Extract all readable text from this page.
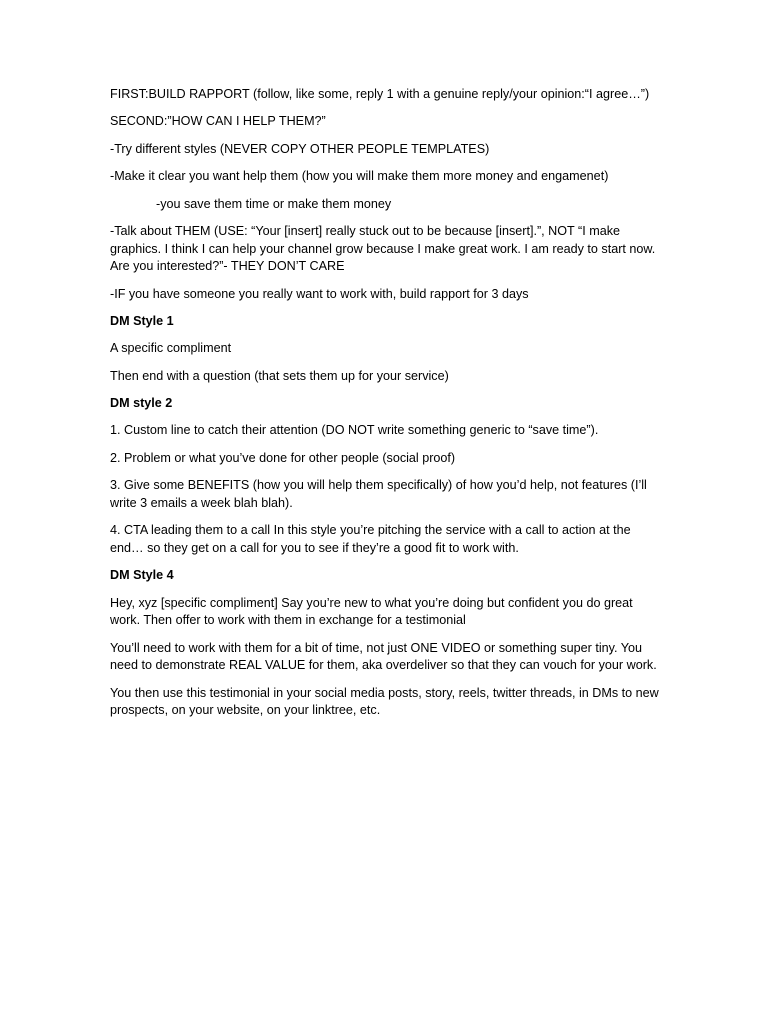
FIRST:BUILD RAPPORT (follow, like some, reply 1 with a genuine reply/your opinion:“I agree…”)

SECOND:”HOW CAN I HELP THEM?”

-Try different styles (NEVER COPY OTHER PEOPLE TEMPLATES)

-Make it clear you want help them (how you will make them more money and engamenet)

-you save them time or make them money

-Talk about THEM (USE: “Your [insert] really stuck out to be because [insert].”, NOT “I make graphics. I think I can help your channel grow because I make great work. I am ready to start now. Are you interested?”- THEY DON’T CARE

-IF you have someone you really want to work with, build rapport for 3 days

DM Style 1

A specific compliment

Then end with a question (that sets them up for your service)

DM style 2

1. Custom line to catch their attention (DO NOT write something generic to “save time”).

2. Problem or what you’ve done for other people (social proof)

3. Give some BENEFITS (how you will help them specifically) of how you’d help, not features (I’ll write 3 emails a week blah blah).

4. CTA leading them to a call In this style you’re pitching the service with a call to action at the end… so they get on a call for you to see if they’re a good fit to work with.

DM Style 4

Hey, xyz [specific compliment] Say you’re new to what you’re doing but confident you do great work. Then offer to work with them in exchange for a testimonial

You’ll need to work with them for a bit of time, not just ONE VIDEO or something super tiny. You need to demonstrate REAL VALUE for them, aka overdeliver so that they can vouch for your work.

You then use this testimonial in your social media posts, story, reels, twitter threads, in DMs to new prospects, on your website, on your linktree, etc.
